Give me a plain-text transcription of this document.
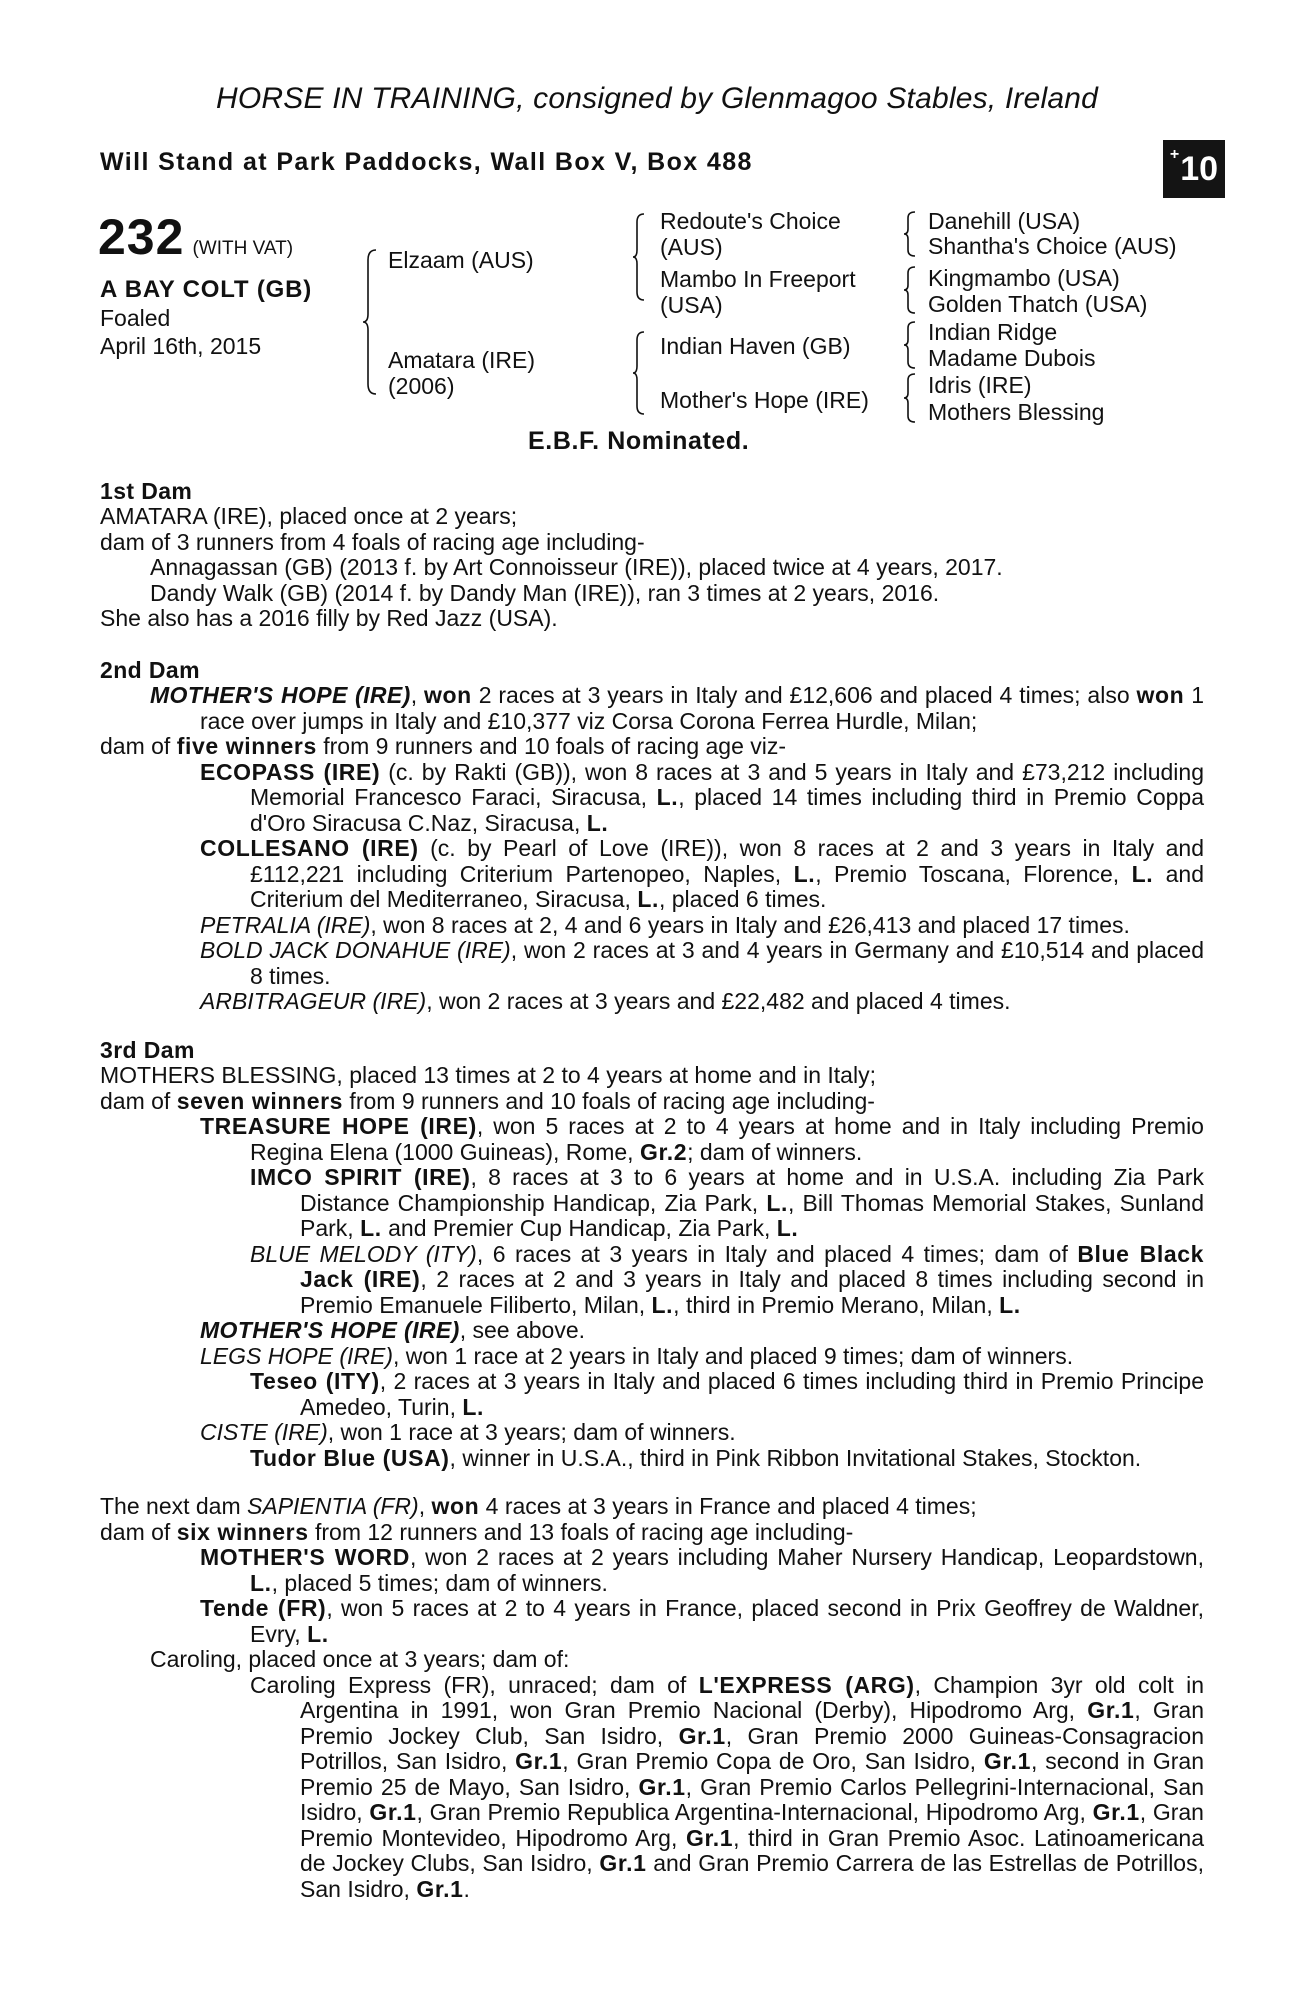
HORSE IN TRAINING, consigned by Glenmagoo Stables, Ireland
Will Stand at Park Paddocks, Wall Box V, Box 488	+ 10
232 (WITH VAT)
A BAY COLT (GB)
Foaled
April 16th, 2015
Elzaam (AUS)
Amatara (IRE)
(2006)
Redoute's Choice
(AUS)
Mambo In Freeport
(USA)
Indian Haven (GB)
Mother's Hope (IRE)
Danehill (USA)
Shantha's Choice (AUS)
Kingmambo (USA)
Golden Thatch (USA)
Indian Ridge
Madame Dubois
Idris (IRE)
Mothers Blessing
E.B.F. Nominated.
1st Dam

AMATARA (IRE), placed once at 2 years;

dam of 3 runners from 4 foals of racing age including-

Annagassan (GB) (2013 f. by Art Connoisseur (IRE)), placed twice at 4 years, 2017.

Dandy Walk (GB) (2014 f. by Dandy Man (IRE)), ran 3 times at 2 years, 2016.

She also has a 2016 filly by Red Jazz (USA).

2nd Dam

MOTHER'S HOPE (IRE), won 2 races at 3 years in Italy and £12,606 and placed 4 times; also won 1 race over jumps in Italy and £10,377 viz Corsa Corona Ferrea Hurdle, Milan;

dam of five winners from 9 runners and 10 foals of racing age viz-

ECOPASS (IRE) (c. by Rakti (GB)), won 8 races at 3 and 5 years in Italy and £73,212 including Memorial Francesco Faraci, Siracusa, L., placed 14 times including third in Premio Coppa d'Oro Siracusa C.Naz, Siracusa, L.

COLLESANO (IRE) (c. by Pearl of Love (IRE)), won 8 races at 2 and 3 years in Italy and £112,221 including Criterium Partenopeo, Naples, L., Premio Toscana, Florence, L. and Criterium del Mediterraneo, Siracusa, L., placed 6 times.

PETRALIA (IRE), won 8 races at 2, 4 and 6 years in Italy and £26,413 and placed 17 times.

BOLD JACK DONAHUE (IRE), won 2 races at 3 and 4 years in Germany and £10,514 and placed 8 times.

ARBITRAGEUR (IRE), won 2 races at 3 years and £22,482 and placed 4 times.

3rd Dam

MOTHERS BLESSING, placed 13 times at 2 to 4 years at home and in Italy;

dam of seven winners from 9 runners and 10 foals of racing age including-

TREASURE HOPE (IRE), won 5 races at 2 to 4 years at home and in Italy including Premio Regina Elena (1000 Guineas), Rome, Gr.2; dam of winners.

IMCO SPIRIT (IRE), 8 races at 3 to 6 years at home and in U.S.A. including Zia Park Distance Championship Handicap, Zia Park, L., Bill Thomas Memorial Stakes, Sunland Park, L. and Premier Cup Handicap, Zia Park, L.

BLUE MELODY (ITY), 6 races at 3 years in Italy and placed 4 times; dam of Blue Black Jack (IRE), 2 races at 2 and 3 years in Italy and placed 8 times including second in Premio Emanuele Filiberto, Milan, L., third in Premio Merano, Milan, L.

MOTHER'S HOPE (IRE), see above.

LEGS HOPE (IRE), won 1 race at 2 years in Italy and placed 9 times; dam of winners.

Teseo (ITY), 2 races at 3 years in Italy and placed 6 times including third in Premio Principe Amedeo, Turin, L.

CISTE (IRE), won 1 race at 3 years; dam of winners.

Tudor Blue (USA), winner in U.S.A., third in Pink Ribbon Invitational Stakes, Stockton.

The next dam SAPIENTIA (FR), won 4 races at 3 years in France and placed 4 times;

dam of six winners from 12 runners and 13 foals of racing age including-

MOTHER'S WORD, won 2 races at 2 years including Maher Nursery Handicap, Leopardstown, L., placed 5 times; dam of winners.

Tende (FR), won 5 races at 2 to 4 years in France, placed second in Prix Geoffrey de Waldner, Evry, L.

Caroling, placed once at 3 years; dam of:

Caroling Express (FR), unraced; dam of L'EXPRESS (ARG), Champion 3yr old colt in Argentina in 1991, won Gran Premio Nacional (Derby), Hipodromo Arg, Gr.1, Gran Premio Jockey Club, San Isidro, Gr.1, Gran Premio 2000 Guineas-Consagracion Potrillos, San Isidro, Gr.1, Gran Premio Copa de Oro, San Isidro, Gr.1, second in Gran Premio 25 de Mayo, San Isidro, Gr.1, Gran Premio Carlos Pellegrini-Internacional, San Isidro, Gr.1, Gran Premio Republica Argentina-Internacional, Hipodromo Arg, Gr.1, Gran Premio Montevideo, Hipodromo Arg, Gr.1, third in Gran Premio Asoc. Latinoamericana de Jockey Clubs, San Isidro, Gr.1 and Gran Premio Carrera de las Estrellas de Potrillos, San Isidro, Gr.1.
